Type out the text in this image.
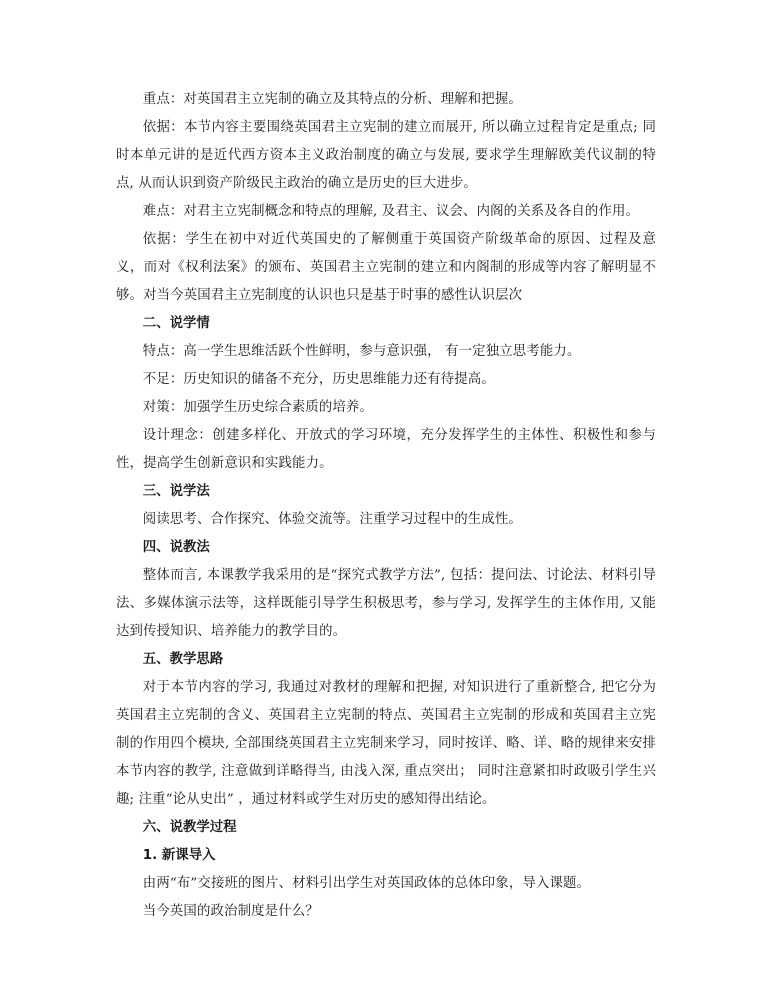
重点：对英国君主立宪制的确立及其特点的分析、理解和把握。

依据：本节内容主要围绕英国君主立宪制的建立而展开, 所以确立过程肯定是重点; 同时本单元讲的是近代西方资本主义政治制度的确立与发展, 要求学生理解欧美代议制的特点, 从而认识到资产阶级民主政治的确立是历史的巨大进步。

难点：对君主立宪制概念和特点的理解, 及君主、议会、内阁的关系及各自的作用。

依据：学生在初中对近代英国史的了解侧重于英国资产阶级革命的原因、过程及意义，而对《权利法案》的颁布、英国君主立宪制的建立和内阁制的形成等内容了解明显不够。对当今英国君主立宪制度的认识也只是基于时事的感性认识层次

二、说学情

特点：高一学生思维活跃个性鲜明，参与意识强， 有一定独立思考能力。

不足：历史知识的储备不充分，历史思维能力还有待提高。

对策：加强学生历史综合素质的培养。

设计理念：创建多样化、开放式的学习环境，充分发挥学生的主体性、积极性和参与性，提高学生创新意识和实践能力。

三、说学法

阅读思考、合作探究、体验交流等。注重学习过程中的生成性。

四、说教法

整体而言, 本课教学我采用的是“探究式教学方法”, 包括：提问法、讨论法、材料引导法、多媒体演示法等，这样既能引导学生积极思考，参与学习, 发挥学生的主体作用, 又能达到传授知识、培养能力的教学目的。

五、教学思路

对于本节内容的学习, 我通过对教材的理解和把握, 对知识进行了重新整合, 把它分为英国君主立宪制的含义、英国君主立宪制的特点、英国君主立宪制的形成和英国君主立宪制的作用四个模块, 全部围绕英国君主立宪制来学习，同时按详、略、详、略的规律来安排本节内容的教学, 注意做到详略得当, 由浅入深, 重点突出； 同时注意紧扣时政吸引学生兴趣; 注重“论从史出” ，通过材料或学生对历史的感知得出结论。

六、说教学过程

1. 新课导入

由两“布”交接班的图片、材料引出学生对英国政体的总体印象，导入课题。

当今英国的政治制度是什么？
